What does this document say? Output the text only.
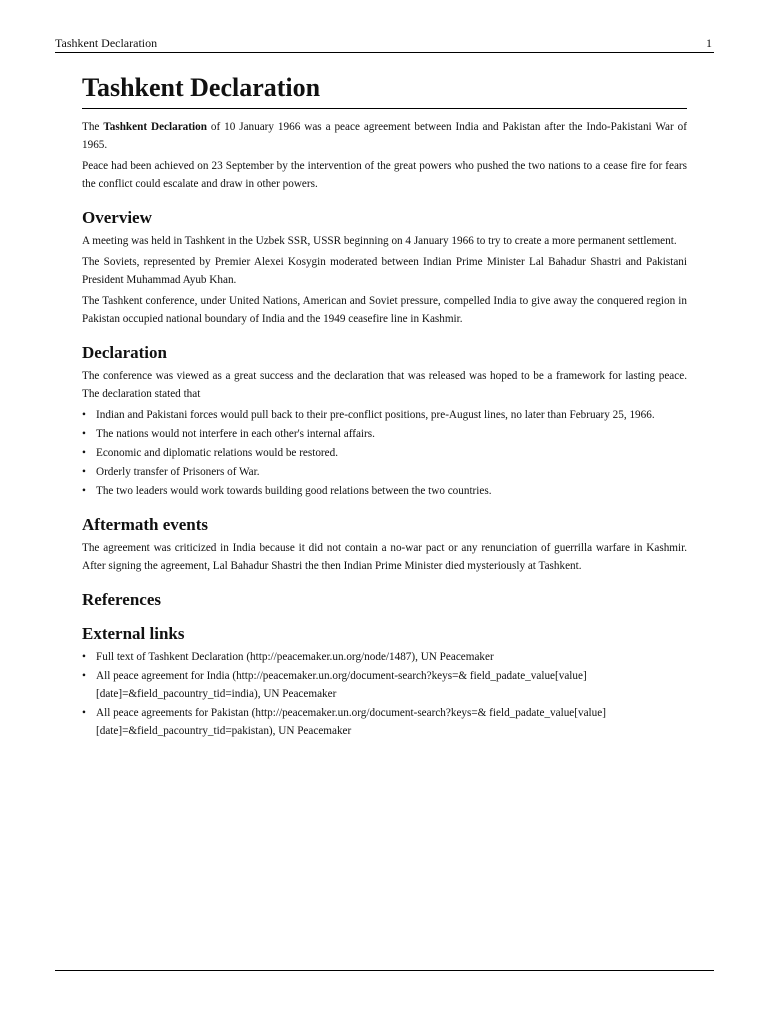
Tashkent Declaration	1
Tashkent Declaration

The Tashkent Declaration of 10 January 1966 was a peace agreement between India and Pakistan after the Indo-Pakistani War of 1965.

Peace had been achieved on 23 September by the intervention of the great powers who pushed the two nations to a cease fire for fears the conflict could escalate and draw in other powers.

Overview

A meeting was held in Tashkent in the Uzbek SSR, USSR beginning on 4 January 1966 to try to create a more permanent settlement.

The Soviets, represented by Premier Alexei Kosygin moderated between Indian Prime Minister Lal Bahadur Shastri and Pakistani President Muhammad Ayub Khan.

The Tashkent conference, under United Nations, American and Soviet pressure, compelled India to give away the conquered region in Pakistan occupied national boundary of India and the 1949 ceasefire line in Kashmir.

Declaration

The conference was viewed as a great success and the declaration that was released was hoped to be a framework for lasting peace. The declaration stated that

• Indian and Pakistani forces would pull back to their pre-conflict positions, pre-August lines, no later than February 25, 1966.
• The nations would not interfere in each other's internal affairs.
• Economic and diplomatic relations would be restored.
• Orderly transfer of Prisoners of War.
• The two leaders would work towards building good relations between the two countries.
Aftermath events

The agreement was criticized in India because it did not contain a no-war pact or any renunciation of guerrilla warfare in Kashmir. After signing the agreement, Lal Bahadur Shastri the then Indian Prime Minister died mysteriously at Tashkent.

References
External links
• Full text of Tashkent Declaration (http://peacemaker.un.org/node/1487), UN Peacemaker
• All peace agreement for India (http://peacemaker.un.org/document-search?keys=& field_padate_value[value][date]=&field_pacountry_tid=india), UN Peacemaker
• All peace agreements for Pakistan (http://peacemaker.un.org/document-search?keys=& field_padate_value[value][date]=&field_pacountry_tid=pakistan), UN Peacemaker
